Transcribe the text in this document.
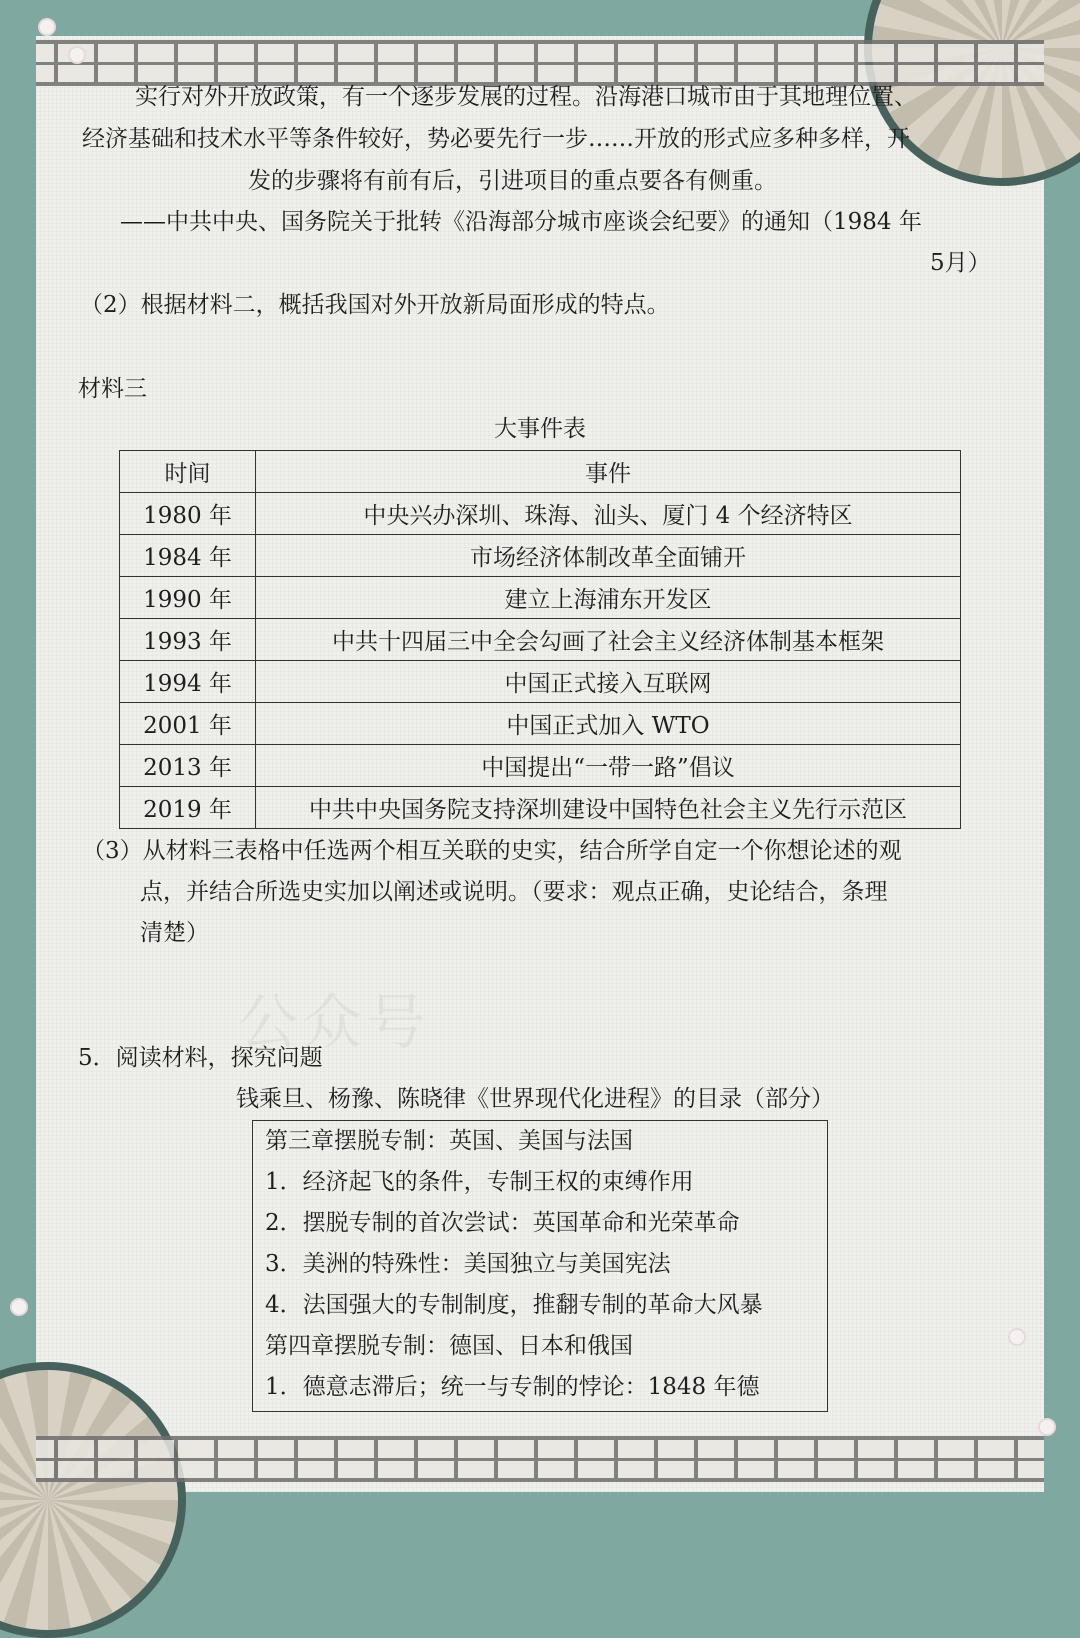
实行对外开放政策，有一个逐步发展的过程。沿海港口城市由于其地理位置、
经济基础和技术水平等条件较好，势必要先行一步……开放的形式应多种多样，开
发的步骤将有前有后，引进项目的重点要各有侧重。
——中共中央、国务院关于批转《沿海部分城市座谈会纪要》的通知（1984 年
5月）
（2）根据材料二，概括我国对外开放新局面形成的特点。
材料三
大事件表
时间	事件
1980 年	中央兴办深圳、珠海、汕头、厦门 4 个经济特区
1984 年	市场经济体制改革全面铺开
1990 年	建立上海浦东开发区
1993 年	中共十四届三中全会勾画了社会主义经济体制基本框架
1994 年	中国正式接入互联网
2001 年	中国正式加入 WTO
2013 年	中国提出“一带一路”倡议
2019 年	中共中央国务院支持深圳建设中国特色社会主义先行示范区
（3）从材料三表格中任选两个相互关联的史实，结合所学自定一个你想论述的观
点，并结合所选史实加以阐述或说明。（要求：观点正确，史论结合，条理
清楚）
公众号
5．阅读材料，探究问题
钱乘旦、杨豫、陈晓律《世界现代化进程》的目录（部分）
第三章摆脱专制：英国、美国与法国
1．经济起飞的条件，专制王权的束缚作用
2．摆脱专制的首次尝试：英国革命和光荣革命
3．美洲的特殊性：美国独立与美国宪法
4．法国强大的专制制度，推翻专制的革命大风暴
第四章摆脱专制：德国、日本和俄国
1．德意志滞后；统一与专制的悖论：1848 年德
